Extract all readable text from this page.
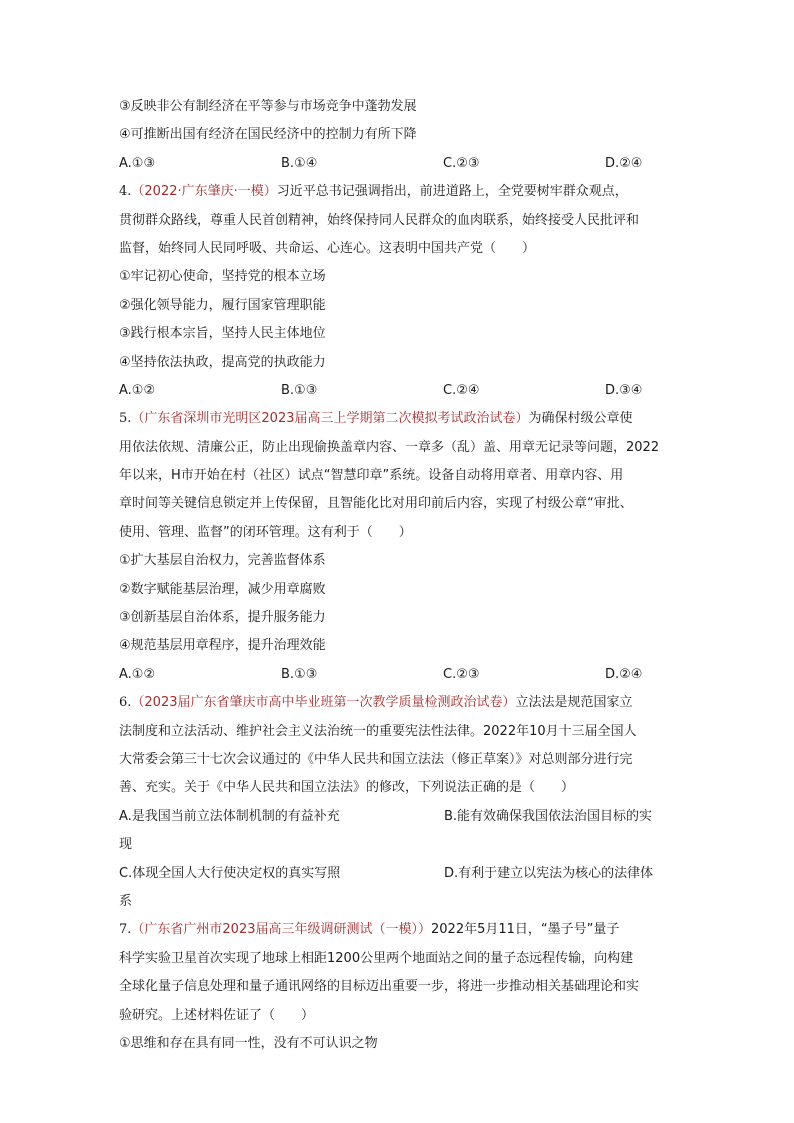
③反映非公有制经济在平等参与市场竞争中蓬勃发展
④可推断出国有经济在国民经济中的控制力有所下降
A.①③	B.①④	C.②③	D.②④
4.（2022·广东肇庆·一模）习近平总书记强调指出，前进道路上，全党要树牢群众观点，
贯彻群众路线，尊重人民首创精神，始终保持同人民群众的血肉联系，始终接受人民批评和
监督，始终同人民同呼吸、共命运、心连心。这表明中国共产党（　　）
①牢记初心使命，坚持党的根本立场
②强化领导能力，履行国家管理职能
③践行根本宗旨，坚持人民主体地位
④坚持依法执政，提高党的执政能力
A.①②	B.①③	C.②④	D.③④
5.（广东省深圳市光明区2023届高三上学期第二次模拟考试政治试卷）为确保村级公章使
用依法依规、清廉公正，防止出现偷换盖章内容、一章多（乱）盖、用章无记录等问题，2022
年以来，H市开始在村（社区）试点“智慧印章”系统。设备自动将用章者、用章内容、用
章时间等关键信息锁定并上传保留，且智能化比对用印前后内容，实现了村级公章“审批、
使用、管理、监督”的闭环管理。这有利于（　　）
①扩大基层自治权力，完善监督体系
②数字赋能基层治理，减少用章腐败
③创新基层自治体系，提升服务能力
④规范基层用章程序，提升治理效能
A.①②	B.①③	C.②③	D.②④
6.（2023届广东省肇庆市高中毕业班第一次教学质量检测政治试卷）立法法是规范国家立
法制度和立法活动、维护社会主义法治统一的重要宪法性法律。2022年10月十三届全国人
大常委会第三十七次会议通过的《中华人民共和国立法法（修正草案）》对总则部分进行完
善、充实。关于《中华人民共和国立法法》的修改，下列说法正确的是（　　）
A.是我国当前立法体制机制的有益补充	B.能有效确保我国依法治国目标的实
现
C.体现全国人大行使决定权的真实写照	D.有利于建立以宪法为核心的法律体
系
7.（广东省广州市2023届高三年级调研测试（一模））2022年5月11日，“墨子号”量子
科学实验卫星首次实现了地球上相距1200公里两个地面站之间的量子态远程传输，向构建
全球化量子信息处理和量子通讯网络的目标迈出重要一步，将进一步推动相关基础理论和实
验研究。上述材料佐证了（　　）
①思维和存在具有同一性，没有不可认识之物
